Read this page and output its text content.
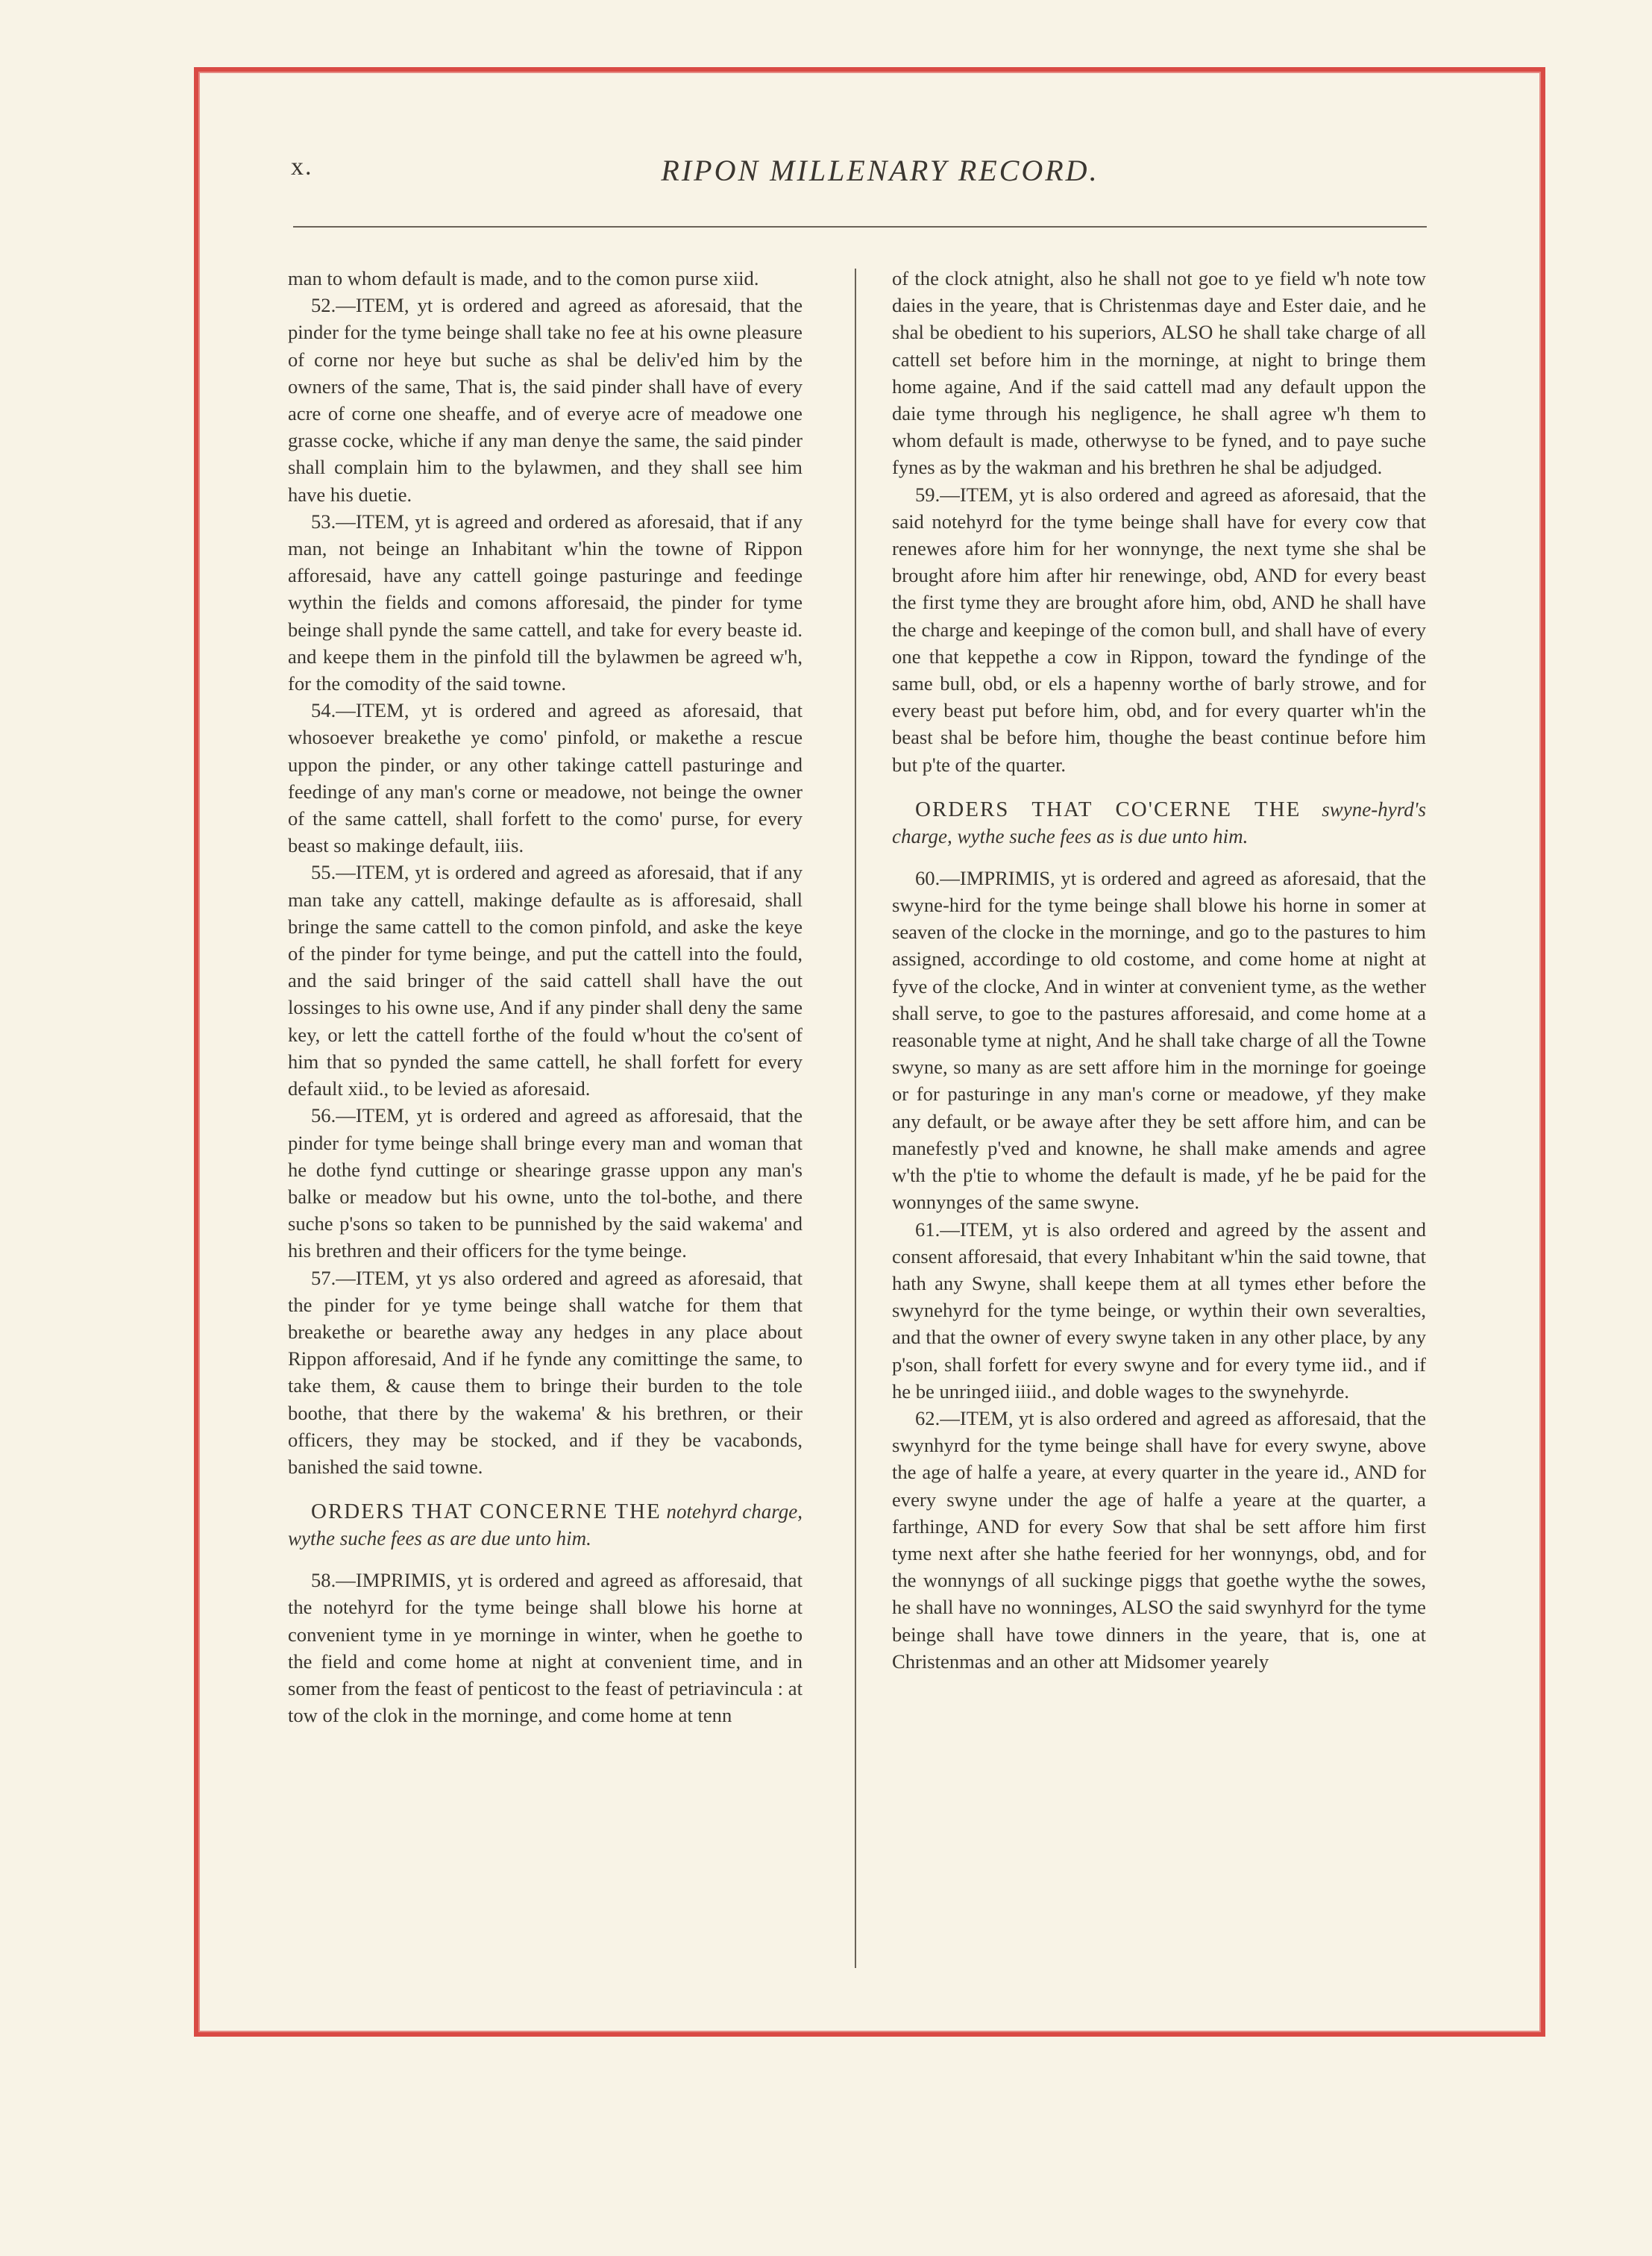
x.	RIPON MILLENARY RECORD.

man to whom default is made, and to the comon purse xiid.

52.—ITEM, yt is ordered and agreed as aforesaid, that the pinder for the tyme beinge shall take no fee at his owne pleasure of corne nor heye but suche as shal be deliv'ed him by the owners of the same, That is, the said pinder shall have of every acre of corne one sheaffe, and of everye acre of meadowe one grasse cocke, whiche if any man denye the same, the said pinder shall complain him to the bylawmen, and they shall see him have his duetie.

53.—ITEM, yt is agreed and ordered as aforesaid, that if any man, not beinge an Inhabitant w'hin the towne of Rippon afforesaid, have any cattell goinge pasturinge and feedinge wythin the fields and comons afforesaid, the pinder for tyme beinge shall pynde the same cattell, and take for every beaste id. and keepe them in the pinfold till the bylawmen be agreed w'h, for the comodity of the said towne.

54.—ITEM, yt is ordered and agreed as aforesaid, that whosoever breakethe ye como' pinfold, or makethe a rescue uppon the pinder, or any other takinge cattell pasturinge and feedinge of any man's corne or meadowe, not beinge the owner of the same cattell, shall forfett to the como' purse, for every beast so makinge default, iiis.

55.—ITEM, yt is ordered and agreed as aforesaid, that if any man take any cattell, makinge defaulte as is afforesaid, shall bringe the same cattell to the comon pinfold, and aske the keye of the pinder for tyme beinge, and put the cattell into the fould, and the said bringer of the said cattell shall have the out lossinges to his owne use, And if any pinder shall deny the same key, or lett the cattell forthe of the fould w'hout the co'sent of him that so pynded the same cattell, he shall forfett for every default xiid., to be levied as aforesaid.

56.—ITEM, yt is ordered and agreed as afforesaid, that the pinder for tyme beinge shall bringe every man and woman that he dothe fynd cuttinge or shearinge grasse uppon any man's balke or meadow but his owne, unto the tol-bothe, and there suche p'sons so taken to be punnished by the said wakema' and his brethren and their officers for the tyme beinge.

57.—ITEM, yt ys also ordered and agreed as aforesaid, that the pinder for ye tyme beinge shall watche for them that breakethe or bearethe away any hedges in any place about Rippon afforesaid, And if he fynde any comittinge the same, to take them, & cause them to bringe their burden to the tole boothe, that there by the wakema' & his brethren, or their officers, they may be stocked, and if they be vacabonds, banished the said towne.

ORDERS THAT CONCERNE THE notehyrd charge, wythe suche fees as are due unto him.

58.—IMPRIMIS, yt is ordered and agreed as afforesaid, that the notehyrd for the tyme beinge shall blowe his horne at convenient tyme in ye morninge in winter, when he goethe to the field and come home at night at convenient time, and in somer from the feast of penticost to the feast of petriavincula : at tow of the clok in the morninge, and come home at tenn

of the clock atnight, also he shall not goe to ye field w'h note tow daies in the yeare, that is Christenmas daye and Ester daie, and he shal be obedient to his superiors, ALSO he shall take charge of all cattell set before him in the morninge, at night to bringe them home againe, And if the said cattell mad any default uppon the daie tyme through his negligence, he shall agree w'h them to whom default is made, otherwyse to be fyned, and to paye suche fynes as by the wakman and his brethren he shal be adjudged.

59.—ITEM, yt is also ordered and agreed as aforesaid, that the said notehyrd for the tyme beinge shall have for every cow that renewes afore him for her wonnynge, the next tyme she shal be brought afore him after hir renewinge, obd, AND for every beast the first tyme they are brought afore him, obd, AND he shall have the charge and keepinge of the comon bull, and shall have of every one that keppethe a cow in Rippon, toward the fyndinge of the same bull, obd, or els a hapenny worthe of barly strowe, and for every beast put before him, obd, and for every quarter wh'in the beast shal be before him, thoughe the beast continue before him but p'te of the quarter.

ORDERS THAT CO'CERNE THE swyne-hyrd's charge, wythe suche fees as is due unto him.

60.—IMPRIMIS, yt is ordered and agreed as aforesaid, that the swyne-hird for the tyme beinge shall blowe his horne in somer at seaven of the clocke in the morninge, and go to the pastures to him assigned, accordinge to old costome, and come home at night at fyve of the clocke, And in winter at convenient tyme, as the wether shall serve, to goe to the pastures afforesaid, and come home at a reasonable tyme at night, And he shall take charge of all the Towne swyne, so many as are sett affore him in the morninge for goeinge or for pasturinge in any man's corne or meadowe, yf they make any default, or be awaye after they be sett affore him, and can be manefestly p'ved and knowne, he shall make amends and agree w'th the p'tie to whome the default is made, yf he be paid for the wonnynges of the same swyne.

61.—ITEM, yt is also ordered and agreed by the assent and consent afforesaid, that every Inhabitant w'hin the said towne, that hath any Swyne, shall keepe them at all tymes ether before the swynehyrd for the tyme beinge, or wythin their own severalties, and that the owner of every swyne taken in any other place, by any p'son, shall forfett for every swyne and for every tyme iid., and if he be unringed iiiid., and doble wages to the swynehyrde.

62.—ITEM, yt is also ordered and agreed as afforesaid, that the swynhyrd for the tyme beinge shall have for every swyne, above the age of halfe a yeare, at every quarter in the yeare id., AND for every swyne under the age of halfe a yeare at the quarter, a farthinge, AND for every Sow that shal be sett affore him first tyme next after she hathe feeried for her wonnyngs, obd, and for the wonnyngs of all suckinge piggs that goethe wythe the sowes, he shall have no wonninges, ALSO the said swynhyrd for the tyme beinge shall have towe dinners in the yeare, that is, one at Christenmas and an other att Midsomer yearely
